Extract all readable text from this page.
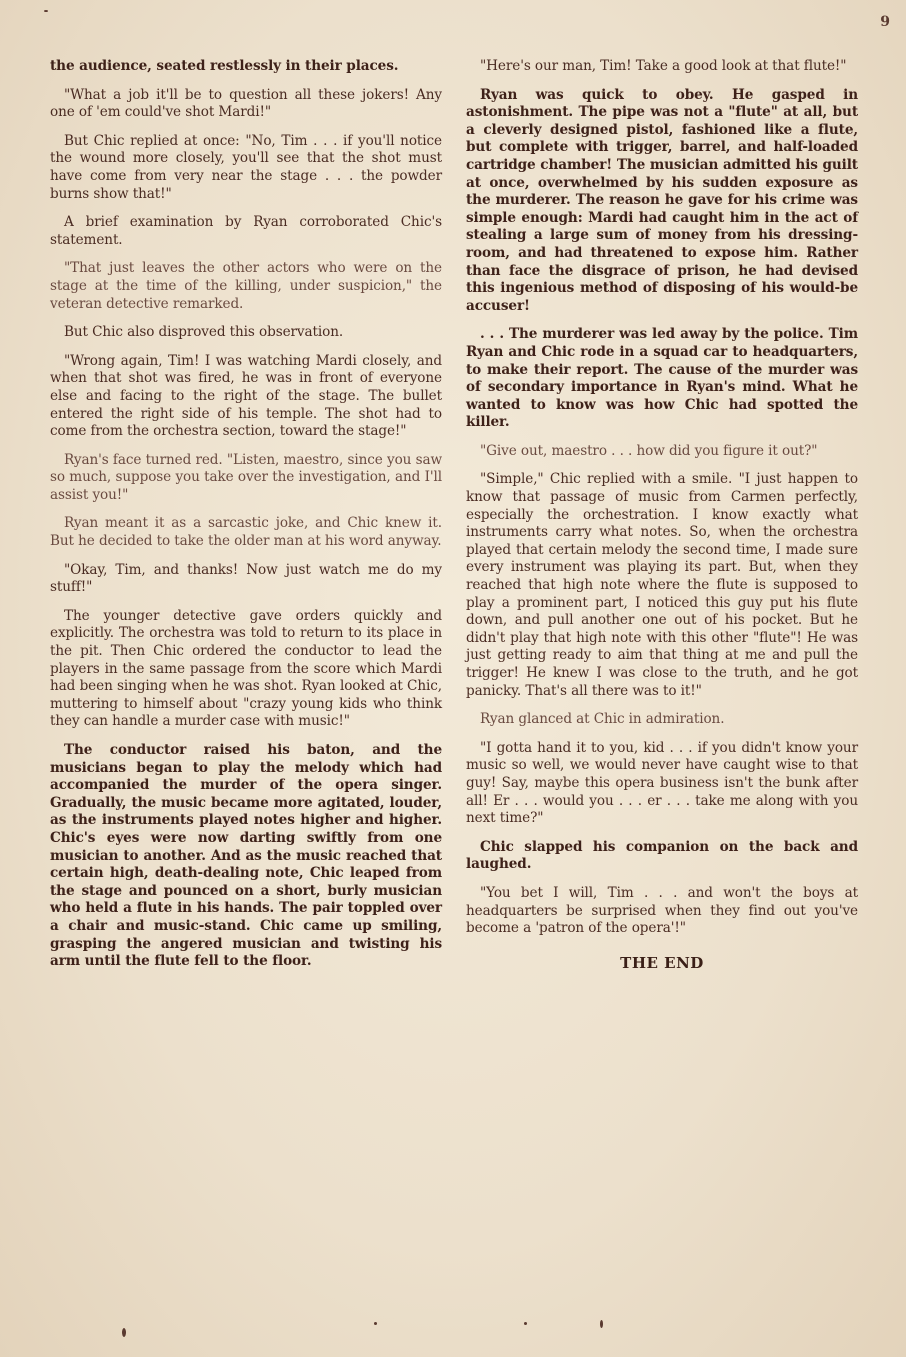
9

the audience, seated restlessly in their places.

"What a job it'll be to question all these jokers! Any one of 'em could've shot Mardi!"

But Chic replied at once: "No, Tim . . . if you'll notice the wound more closely, you'll see that the shot must have come from very near the stage . . . the powder burns show that!"

A brief examination by Ryan corroborated Chic's statement.

"That just leaves the other actors who were on the stage at the time of the killing, under suspicion," the veteran detective remarked.

But Chic also disproved this observation.

"Wrong again, Tim! I was watching Mardi closely, and when that shot was fired, he was in front of everyone else and facing to the right of the stage. The bullet entered the right side of his temple. The shot had to come from the orchestra section, toward the stage!"

Ryan's face turned red. "Listen, maestro, since you saw so much, suppose you take over the investigation, and I'll assist you!"

Ryan meant it as a sarcastic joke, and Chic knew it. But he decided to take the older man at his word anyway.

"Okay, Tim, and thanks! Now just watch me do my stuff!"

The younger detective gave orders quickly and explicitly. The orchestra was told to return to its place in the pit. Then Chic ordered the conductor to lead the players in the same passage from the score which Mardi had been singing when he was shot. Ryan looked at Chic, muttering to himself about "crazy young kids who think they can handle a murder case with music!"

The conductor raised his baton, and the musicians began to play the melody which had accompanied the murder of the opera singer. Gradually, the music became more agitated, louder, as the instruments played notes higher and higher. Chic's eyes were now darting swiftly from one musician to another. And as the music reached that certain high, death-dealing note, Chic leaped from the stage and pounced on a short, burly musician who held a flute in his hands. The pair toppled over a chair and music-stand. Chic came up smiling, grasping the angered musician and twisting his arm until the flute fell to the floor.

"Here's our man, Tim! Take a good look at that flute!"

Ryan was quick to obey. He gasped in astonishment. The pipe was not a "flute" at all, but a cleverly designed pistol, fashioned like a flute, but complete with trigger, barrel, and half-loaded cartridge chamber! The musician admitted his guilt at once, overwhelmed by his sudden exposure as the murderer. The reason he gave for his crime was simple enough: Mardi had caught him in the act of stealing a large sum of money from his dressing-room, and had threatened to expose him. Rather than face the disgrace of prison, he had devised this ingenious method of disposing of his would-be accuser!

. . . The murderer was led away by the police. Tim Ryan and Chic rode in a squad car to headquarters, to make their report. The cause of the murder was of secondary importance in Ryan's mind. What he wanted to know was how Chic had spotted the killer.

"Give out, maestro . . . how did you figure it out?"

"Simple," Chic replied with a smile. "I just happen to know that passage of music from Carmen perfectly, especially the orchestration. I know exactly what instruments carry what notes. So, when the orchestra played that certain melody the second time, I made sure every instrument was playing its part. But, when they reached that high note where the flute is supposed to play a prominent part, I noticed this guy put his flute down, and pull another one out of his pocket. But he didn't play that high note with this other "flute"! He was just getting ready to aim that thing at me and pull the trigger! He knew I was close to the truth, and he got panicky. That's all there was to it!"

Ryan glanced at Chic in admiration.

"I gotta hand it to you, kid . . . if you didn't know your music so well, we would never have caught wise to that guy! Say, maybe this opera business isn't the bunk after all! Er . . . would you . . . er . . . take me along with you next time?"

Chic slapped his companion on the back and laughed.

"You bet I will, Tim . . . and won't the boys at headquarters be surprised when they find out you've become a 'patron of the opera'!"

THE END
